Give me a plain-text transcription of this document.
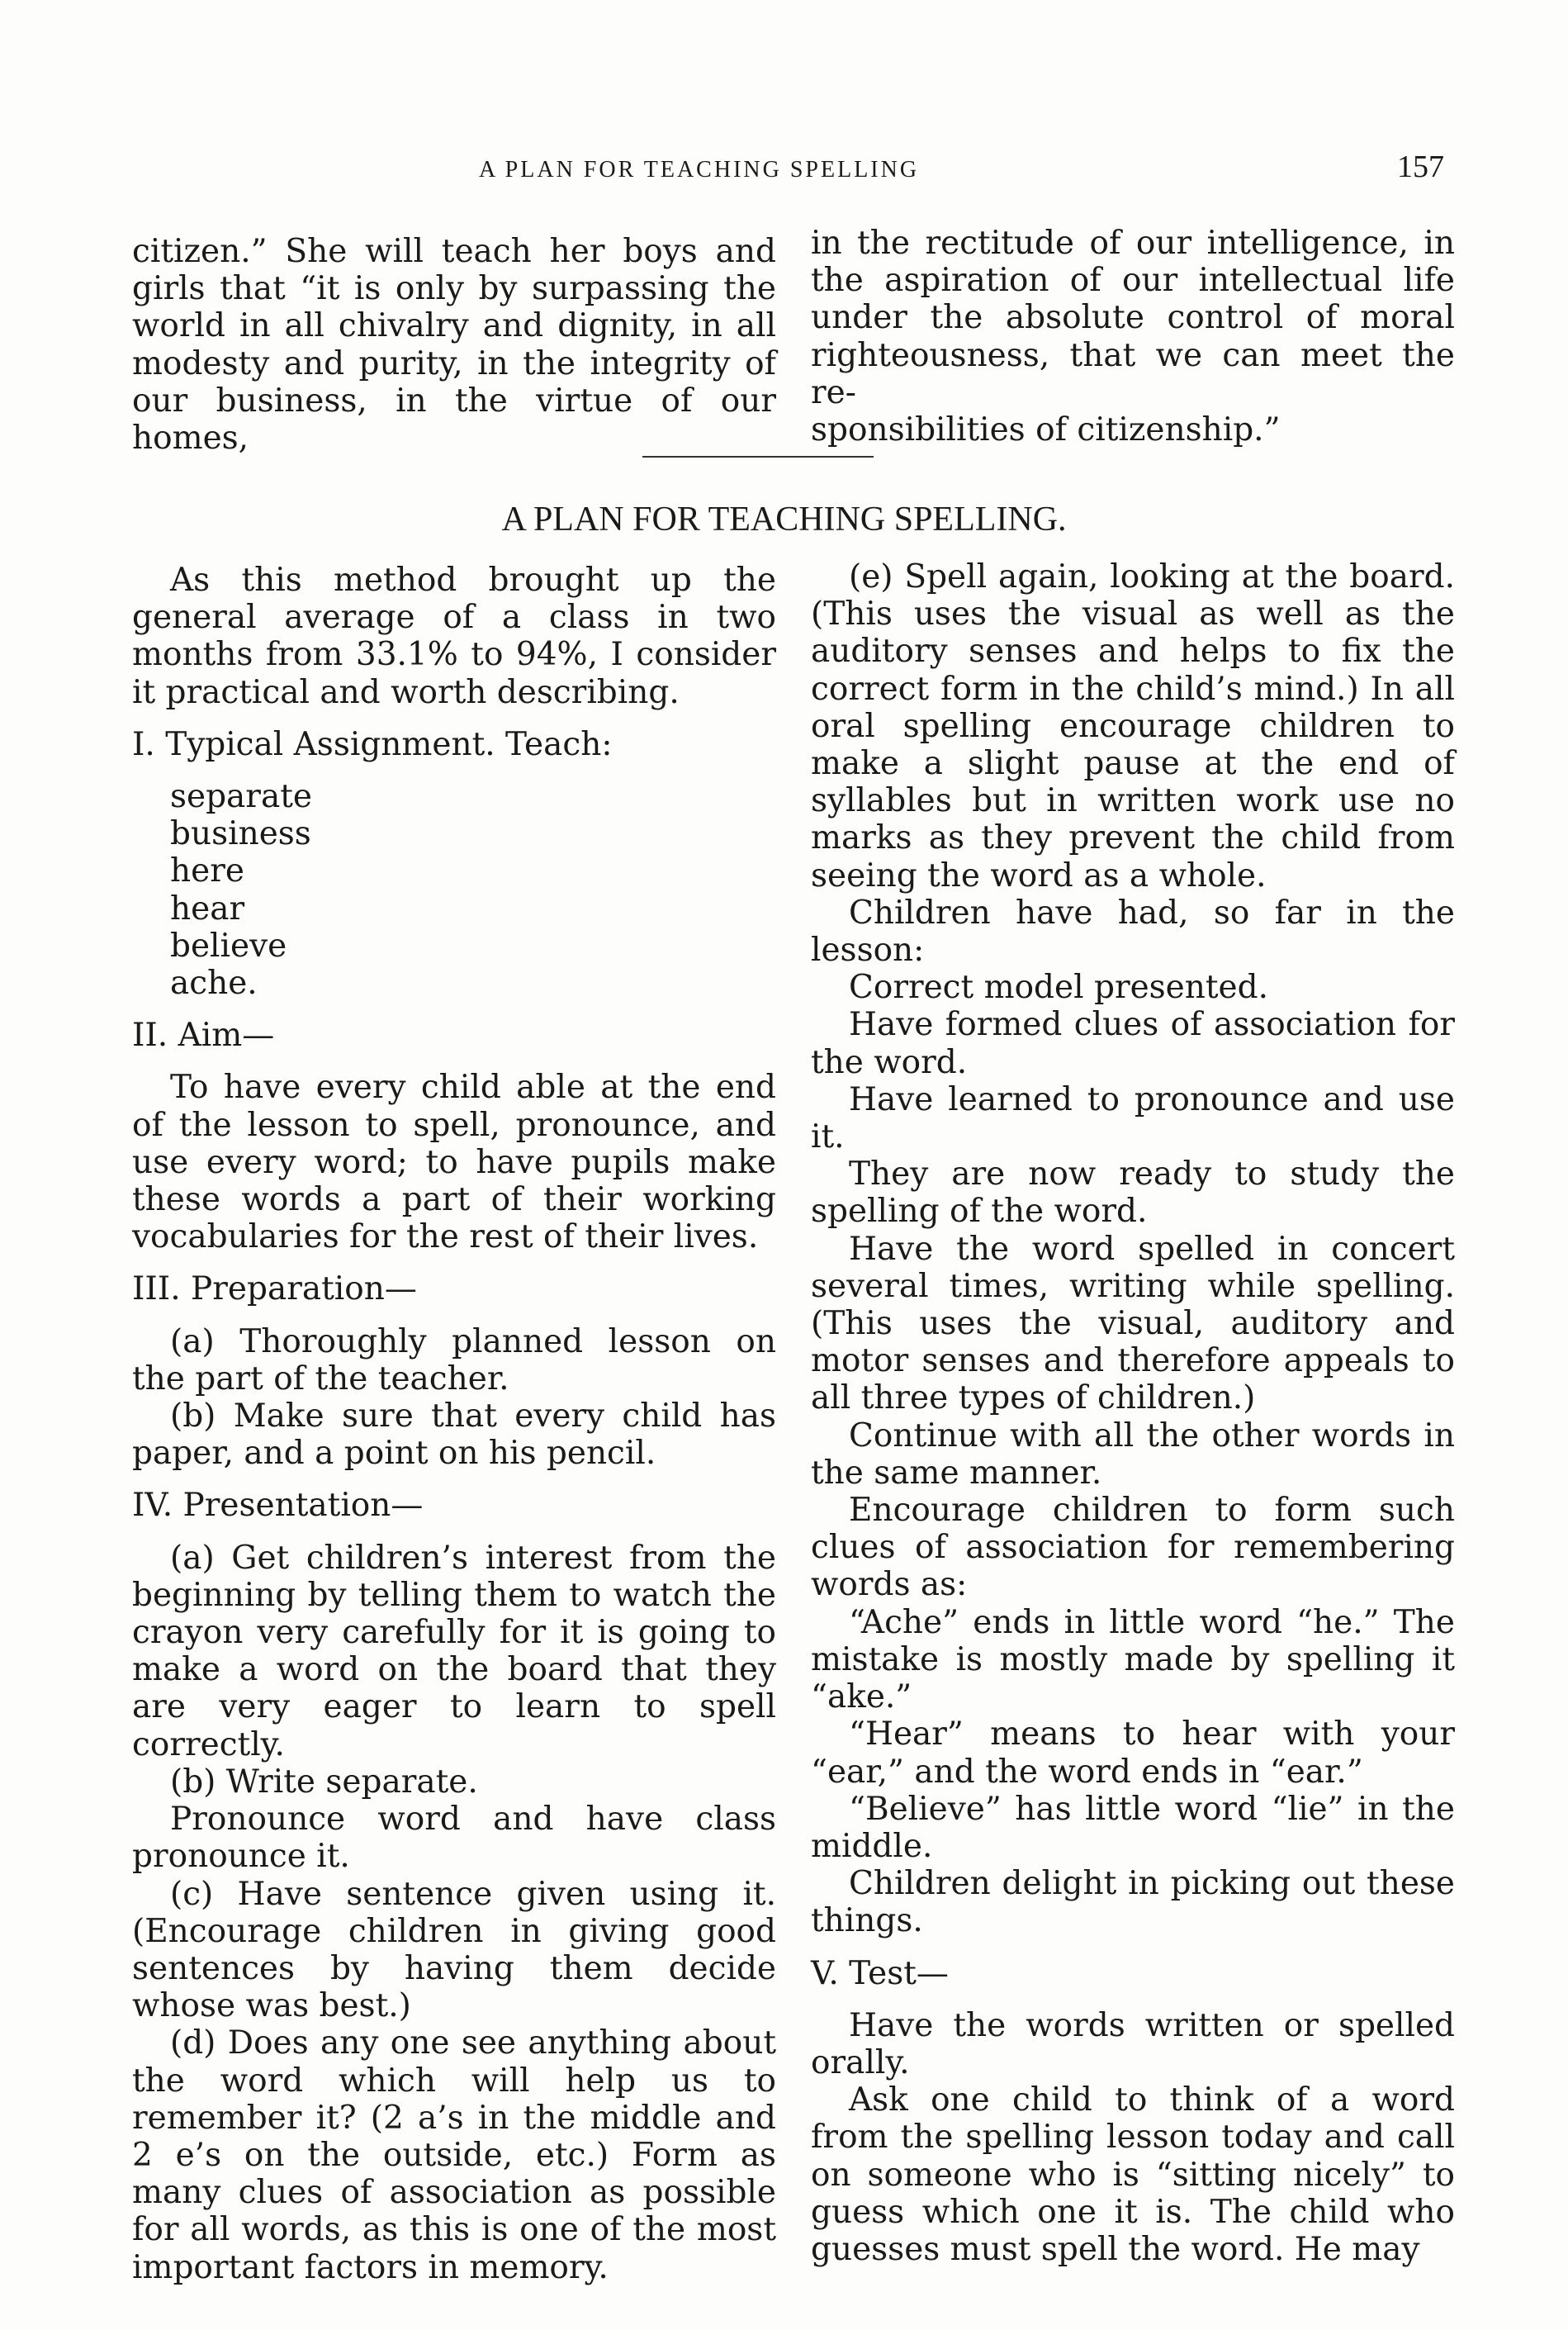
A PLAN FOR TEACHING SPELLING	157

citizen.” She will teach her boys and

girls that “it is only by surpassing the

world in all chivalry and dignity, in all

modesty and purity, in the integrity of

our business, in the virtue of our homes,

in the rectitude of our intelligence, in

the aspiration of our intellectual life

under the absolute control of moral

righteousness, that we can meet the re-

sponsibilities of citizenship.”

A PLAN FOR TEACHING SPELLING.

As this method brought up the general average of a class in two months from 33.1% to 94%, I consider it practical and worth describing.

I. Typical Assignment. Teach:

separate
business
here
hear
believe
ache.

II. Aim—

To have every child able at the end of the lesson to spell, pronounce, and use every word; to have pupils make these words a part of their working vocabularies for the rest of their lives.

III. Preparation—

(a) Thoroughly planned lesson on the part of the teacher.

(b) Make sure that every child has paper, and a point on his pencil.

IV. Presentation—

(a) Get children’s interest from the beginning by telling them to watch the crayon very carefully for it is going to make a word on the board that they are very eager to learn to spell correctly.

(b) Write separate.

Pronounce word and have class pronounce it.

(c) Have sentence given using it. (Encourage children in giving good sentences by having them decide whose was best.)

(d) Does any one see anything about the word which will help us to remember it? (2 a’s in the middle and 2 e’s on the outside, etc.) Form as many clues of association as possible for all words, as this is one of the most important factors in memory.

(e) Spell again, looking at the board. (This uses the visual as well as the auditory senses and helps to fix the correct form in the child’s mind.) In all oral spelling encourage children to make a slight pause at the end of syllables but in written work use no marks as they prevent the child from seeing the word as a whole.

Children have had, so far in the lesson:

Correct model presented.

Have formed clues of association for the word.

Have learned to pronounce and use it.

They are now ready to study the spelling of the word.

Have the word spelled in concert several times, writing while spelling. (This uses the visual, auditory and motor senses and therefore appeals to all three types of children.)

Continue with all the other words in the same manner.

Encourage children to form such clues of association for remembering words as:

“Ache” ends in little word “he.” The mistake is mostly made by spelling it “ake.”

“Hear” means to hear with your “ear,” and the word ends in “ear.”

“Believe” has little word “lie” in the middle.

Children delight in picking out these things.

V. Test—

Have the words written or spelled orally.

Ask one child to think of a word from the spelling lesson today and call on someone who is “sitting nicely” to guess which one it is. The child who guesses must spell the word. He may
